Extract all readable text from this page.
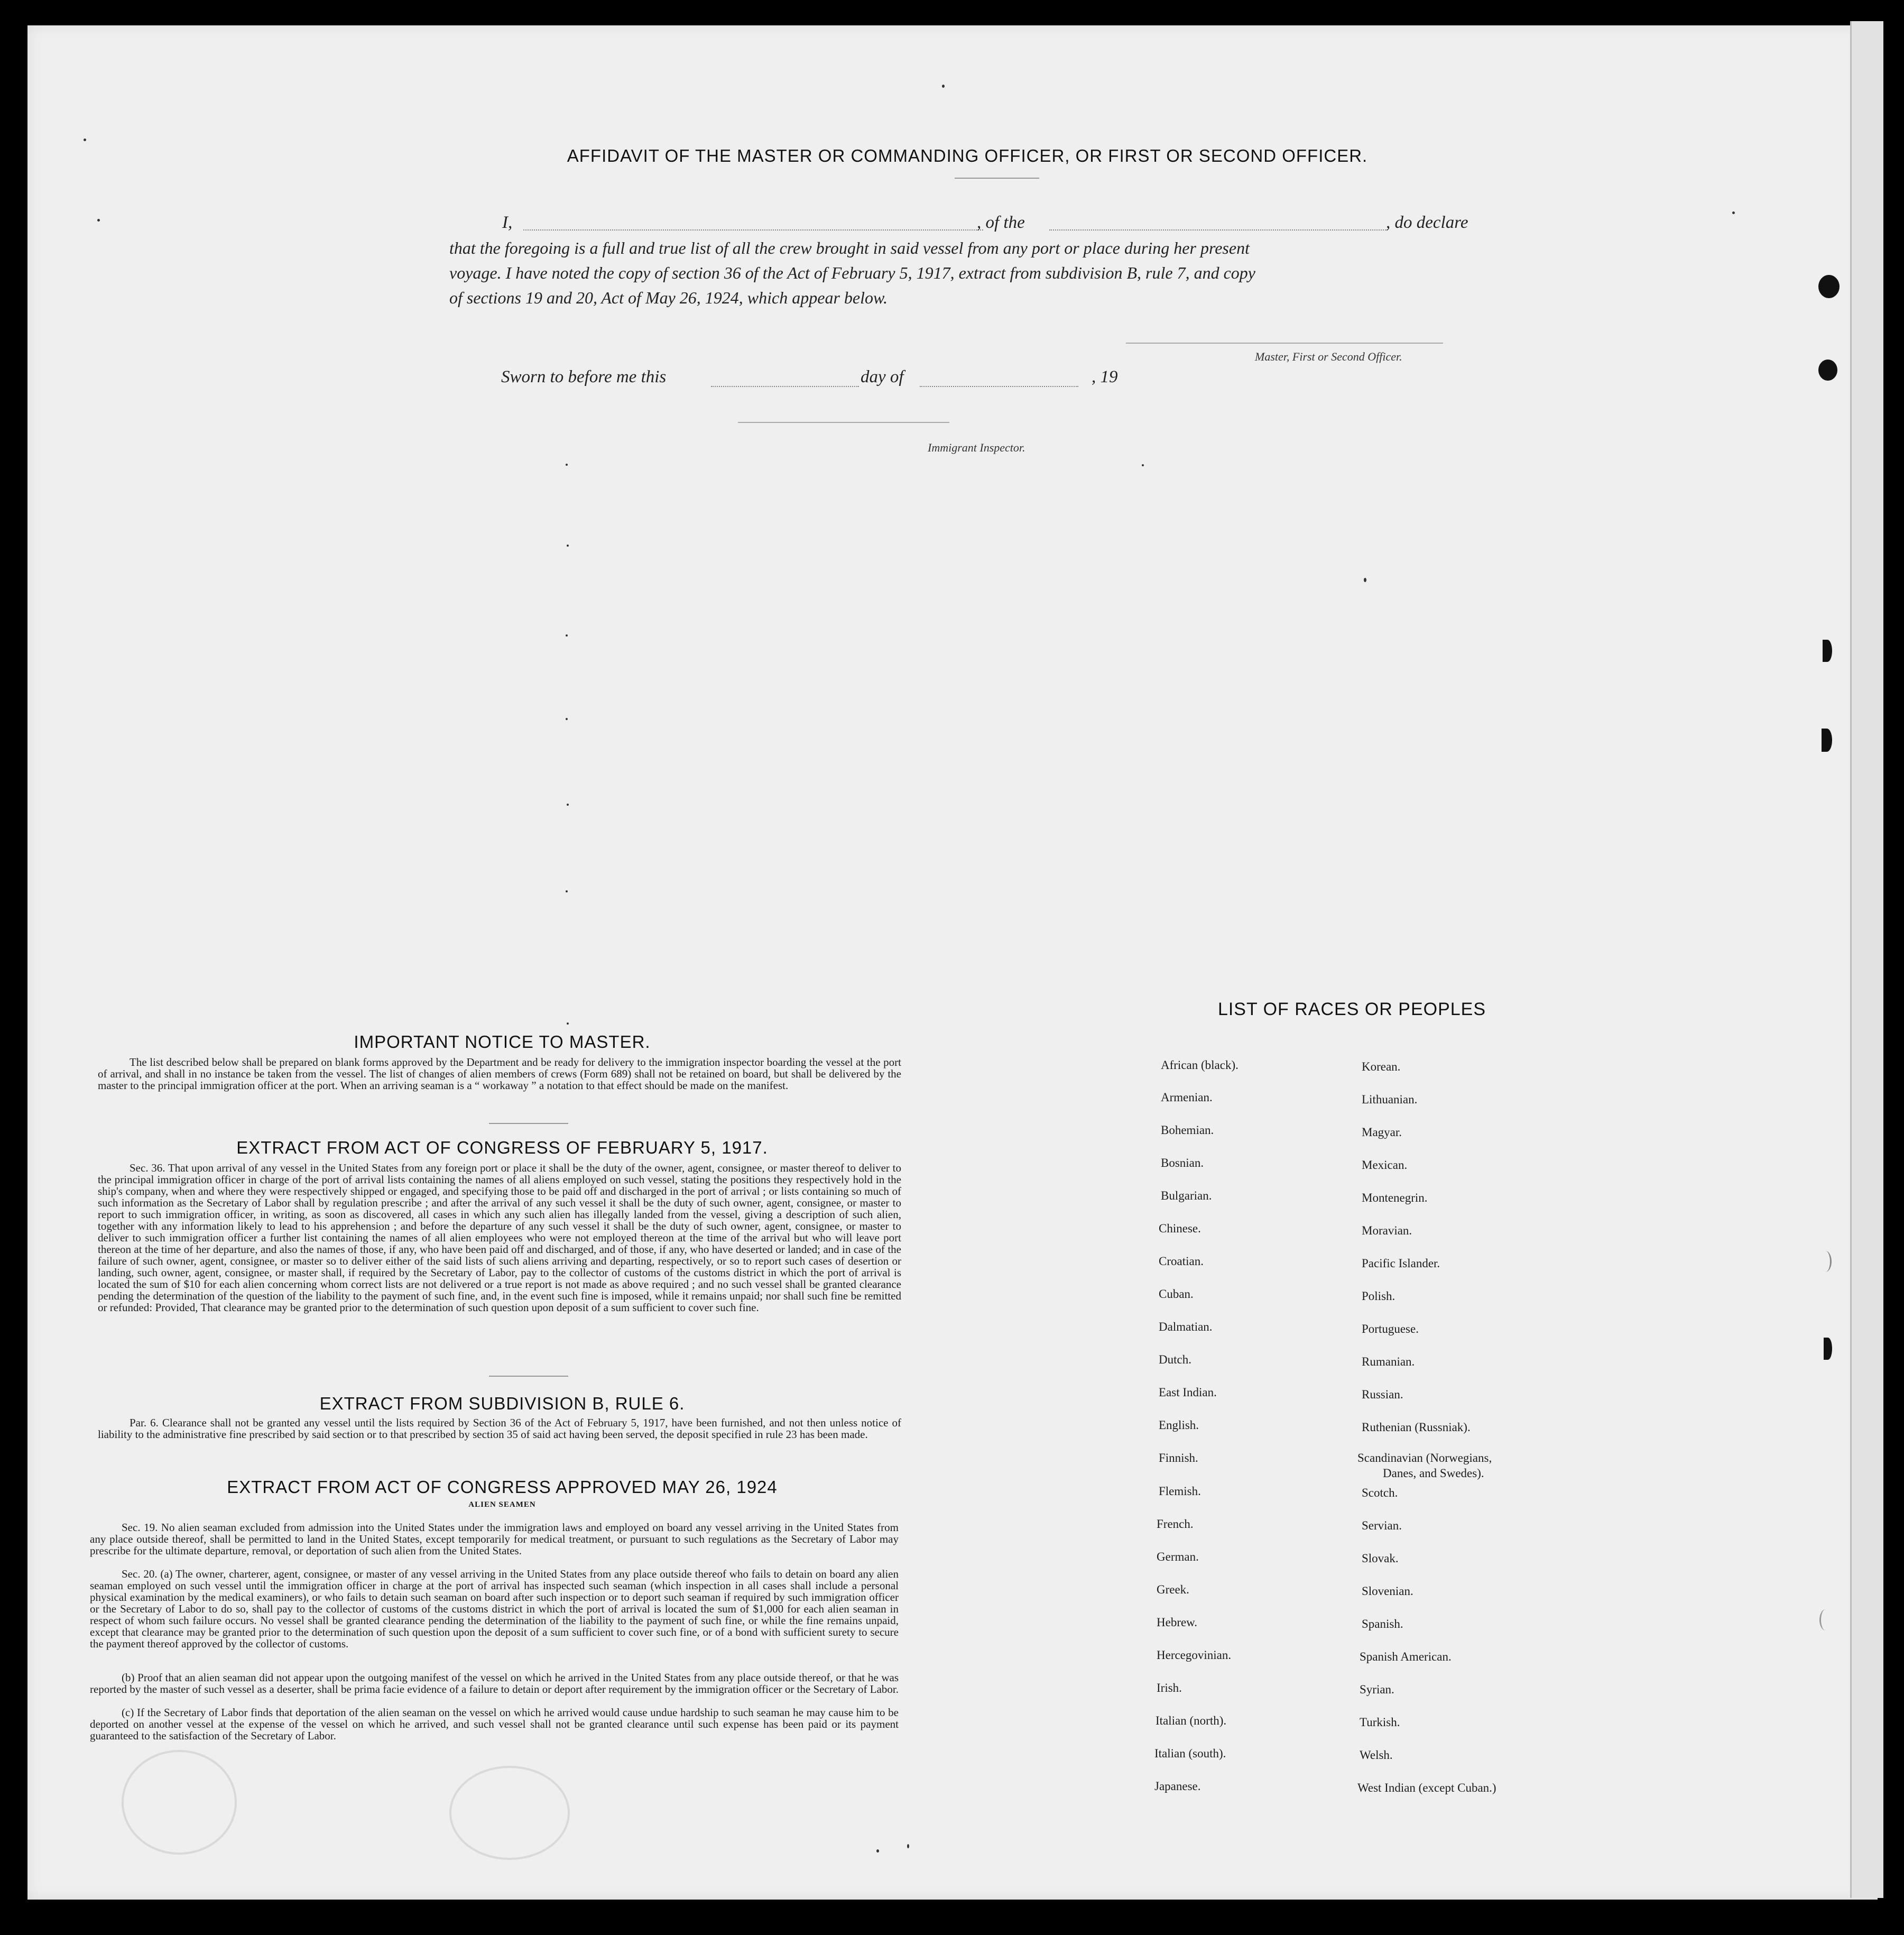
AFFIDAVIT OF THE MASTER OR COMMANDING OFFICER, OR FIRST OR SECOND OFFICER.
I,	, of the	, do declare
that the foregoing is a full and true list of all the crew brought in said vessel from any port or place during her present
voyage. I have noted the copy of section 36 of the Act of February 5, 1917, extract from subdivision B, rule 7, and copy
of sections 19 and 20, Act of May 26, 1924, which appear below.
Master, First or Second Officer.
Sworn to before me this	day of	, 19
Immigrant Inspector.
IMPORTANT NOTICE TO MASTER.
The list described below shall be prepared on blank forms approved by the Department and be ready for delivery to the immigration inspector boarding the vessel at the port of arrival, and shall in no instance be taken from the vessel. The list of changes of alien members of crews (Form 689) shall not be retained on board, but shall be delivered by the master to the principal immigration officer at the port. When an arriving seaman is a “ workaway ” a notation to that effect should be made on the manifest.
EXTRACT FROM ACT OF CONGRESS OF FEBRUARY 5, 1917.
Sec. 36. That upon arrival of any vessel in the United States from any foreign port or place it shall be the duty of the owner, agent, consignee, or master thereof to deliver to the principal immigration officer in charge of the port of arrival lists containing the names of all aliens employed on such vessel, stating the positions they respectively hold in the ship's company, when and where they were respectively shipped or engaged, and specifying those to be paid off and discharged in the port of arrival ; or lists containing so much of such information as the Secretary of Labor shall by regulation prescribe ; and after the arrival of any such vessel it shall be the duty of such owner, agent, consignee, or master to report to such immigration officer, in writing, as soon as discovered, all cases in which any such alien has illegally landed from the vessel, giving a description of such alien, together with any information likely to lead to his apprehension ; and before the departure of any such vessel it shall be the duty of such owner, agent, consignee, or master to deliver to such immigration officer a further list containing the names of all alien employees who were not employed thereon at the time of the arrival but who will leave port thereon at the time of her departure, and also the names of those, if any, who have been paid off and discharged, and of those, if any, who have deserted or landed; and in case of the failure of such owner, agent, consignee, or master so to deliver either of the said lists of such aliens arriving and departing, respectively, or so to report such cases of desertion or landing, such owner, agent, consignee, or master shall, if required by the Secretary of Labor, pay to the collector of customs of the customs district in which the port of arrival is located the sum of $10 for each alien concerning whom correct lists are not delivered or a true report is not made as above required ; and no such vessel shall be granted clearance pending the determination of the question of the liability to the payment of such fine, and, in the event such fine is imposed, while it remains unpaid; nor shall such fine be remitted or refunded: Provided, That clearance may be granted prior to the determination of such question upon deposit of a sum sufficient to cover such fine.
EXTRACT FROM SUBDIVISION B, RULE 6.
Par. 6. Clearance shall not be granted any vessel until the lists required by Section 36 of the Act of February 5, 1917, have been furnished, and not then unless notice of liability to the administrative fine prescribed by said section or to that prescribed by section 35 of said act having been served, the deposit specified in rule 23 has been made.
EXTRACT FROM ACT OF CONGRESS APPROVED MAY 26, 1924
ALIEN SEAMEN
Sec. 19. No alien seaman excluded from admission into the United States under the immigration laws and employed on board any vessel arriving in the United States from any place outside thereof, shall be permitted to land in the United States, except temporarily for medical treatment, or pursuant to such regulations as the Secretary of Labor may prescribe for the ultimate departure, removal, or deportation of such alien from the United States.
Sec. 20. (a) The owner, charterer, agent, consignee, or master of any vessel arriving in the United States from any place outside thereof who fails to detain on board any alien seaman employed on such vessel until the immigration officer in charge at the port of arrival has inspected such seaman (which inspection in all cases shall include a personal physical examination by the medical examiners), or who fails to detain such seaman on board after such inspection or to deport such seaman if required by such immigration officer or the Secretary of Labor to do so, shall pay to the collector of customs of the customs district in which the port of arrival is located the sum of $1,000 for each alien seaman in respect of whom such failure occurs. No vessel shall be granted clearance pending the determination of the liability to the payment of such fine, or while the fine remains unpaid, except that clearance may be granted prior to the determination of such question upon the deposit of a sum sufficient to cover such fine, or of a bond with sufficient surety to secure the payment thereof approved by the collector of customs.
(b) Proof that an alien seaman did not appear upon the outgoing manifest of the vessel on which he arrived in the United States from any place outside thereof, or that he was reported by the master of such vessel as a deserter, shall be prima facie evidence of a failure to detain or deport after requirement by the immigration officer or the Secretary of Labor.
(c) If the Secretary of Labor finds that deportation of the alien seaman on the vessel on which he arrived would cause undue hardship to such seaman he may cause him to be deported on another vessel at the expense of the vessel on which he arrived, and such vessel shall not be granted clearance until such expense has been paid or its payment guaranteed to the satisfaction of the Secretary of Labor.
LIST OF RACES OR PEOPLES
African (black).
Armenian.
Bohemian.
Bosnian.
Bulgarian.
Chinese.
Croatian.
Cuban.
Dalmatian.
Dutch.
East Indian.
English.
Finnish.
Flemish.
French.
German.
Greek.
Hebrew.
Hercegovinian.
Irish.
Italian (north).
Italian (south).
Japanese.
Korean.
Lithuanian.
Magyar.
Mexican.
Montenegrin.
Moravian.
Pacific Islander.
Polish.
Portuguese.
Rumanian.
Russian.
Ruthenian (Russniak).
Scandinavian (Norwegians,
Danes, and Swedes).
Scotch.
Servian.
Slovak.
Slovenian.
Spanish.
Spanish American.
Syrian.
Turkish.
Welsh.
West Indian (except Cuban.)
